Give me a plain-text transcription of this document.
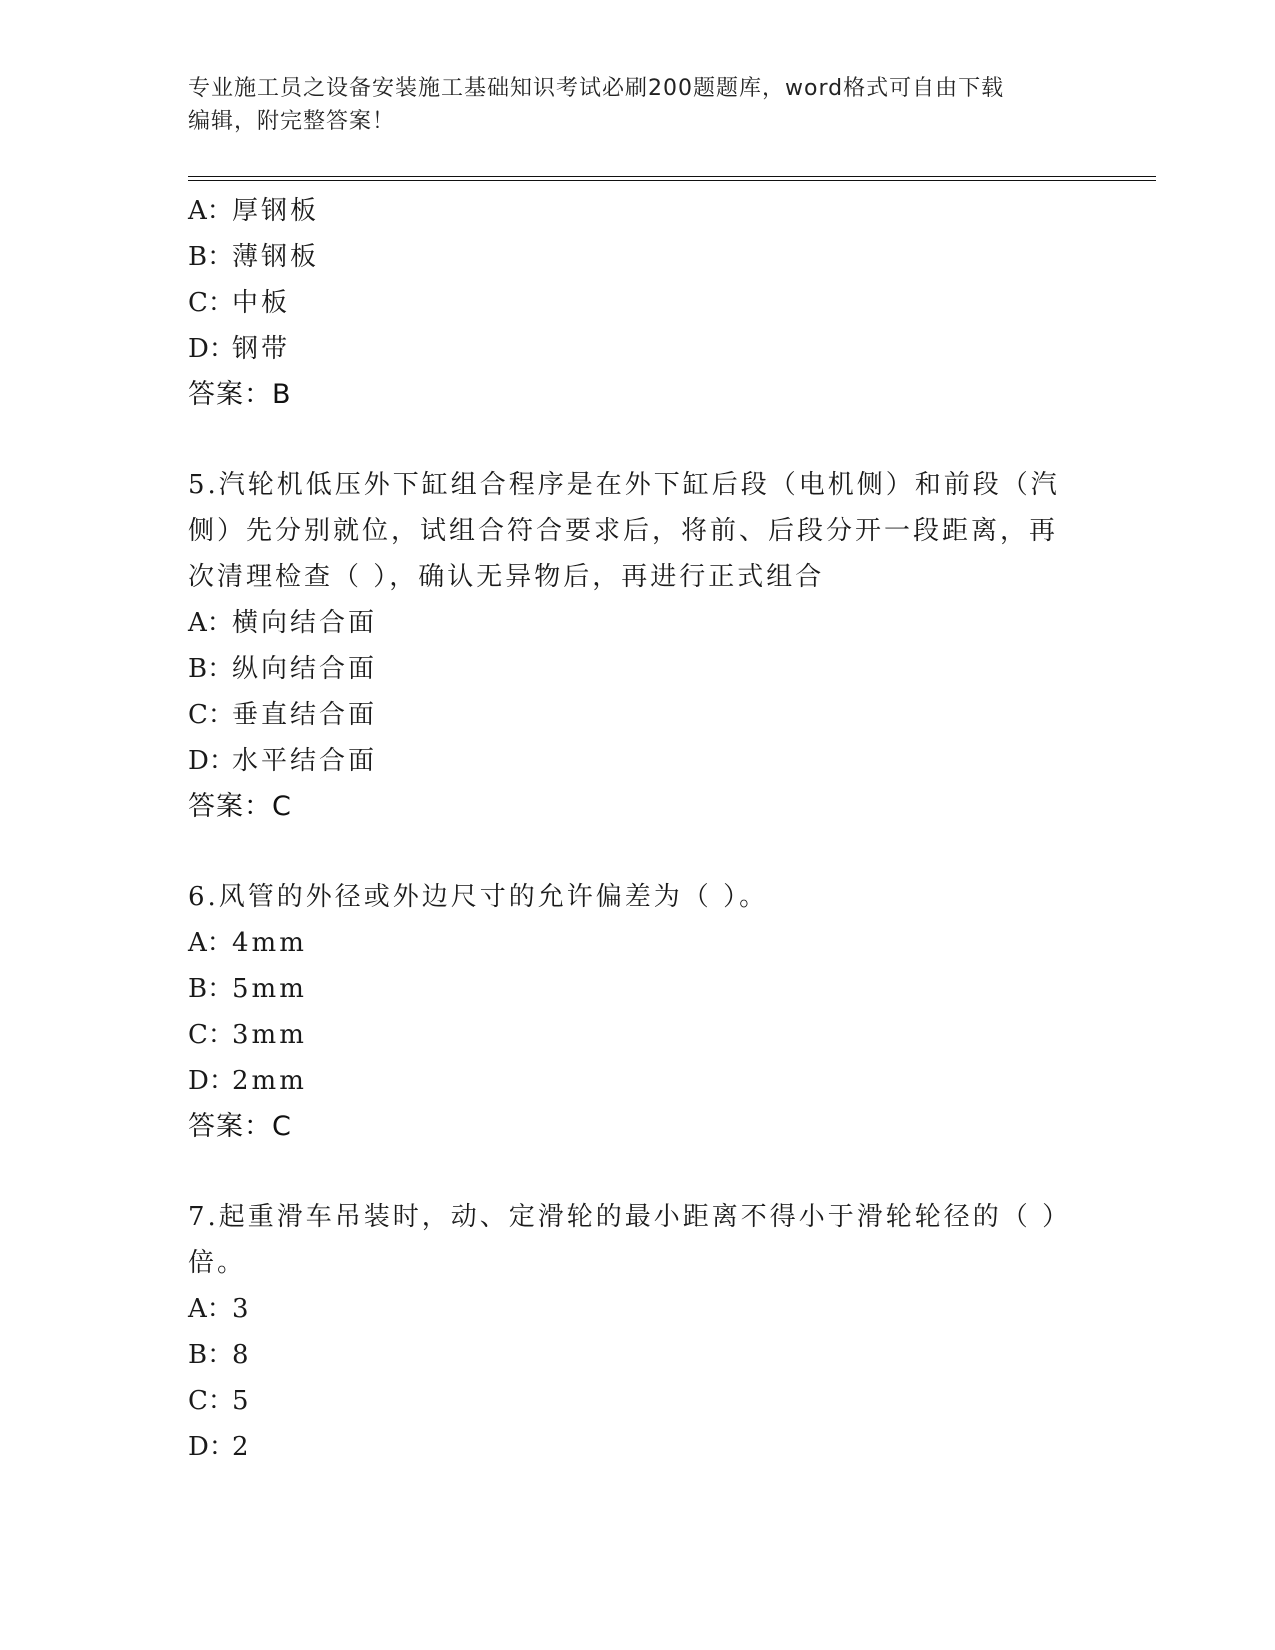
专业施工员之设备安装施工基础知识考试必刷200题题库，word格式可自由下载
编辑，附完整答案！
A：厚钢板
B：薄钢板
C：中板
D：钢带
答案：B
5.汽轮机低压外下缸组合程序是在外下缸后段（电机侧）和前段（汽
侧）先分别就位，试组合符合要求后，将前、后段分开一段距离，再
次清理检查（ ），确认无异物后，再进行正式组合
A：横向结合面
B：纵向结合面
C：垂直结合面
D：水平结合面
答案：C
6.风管的外径或外边尺寸的允许偏差为（ ）。
A：4mm
B：5mm
C：3mm
D：2mm
答案：C
7.起重滑车吊装时，动、定滑轮的最小距离不得小于滑轮轮径的（ ）
倍。
A：3
B：8
C：5
D：2
